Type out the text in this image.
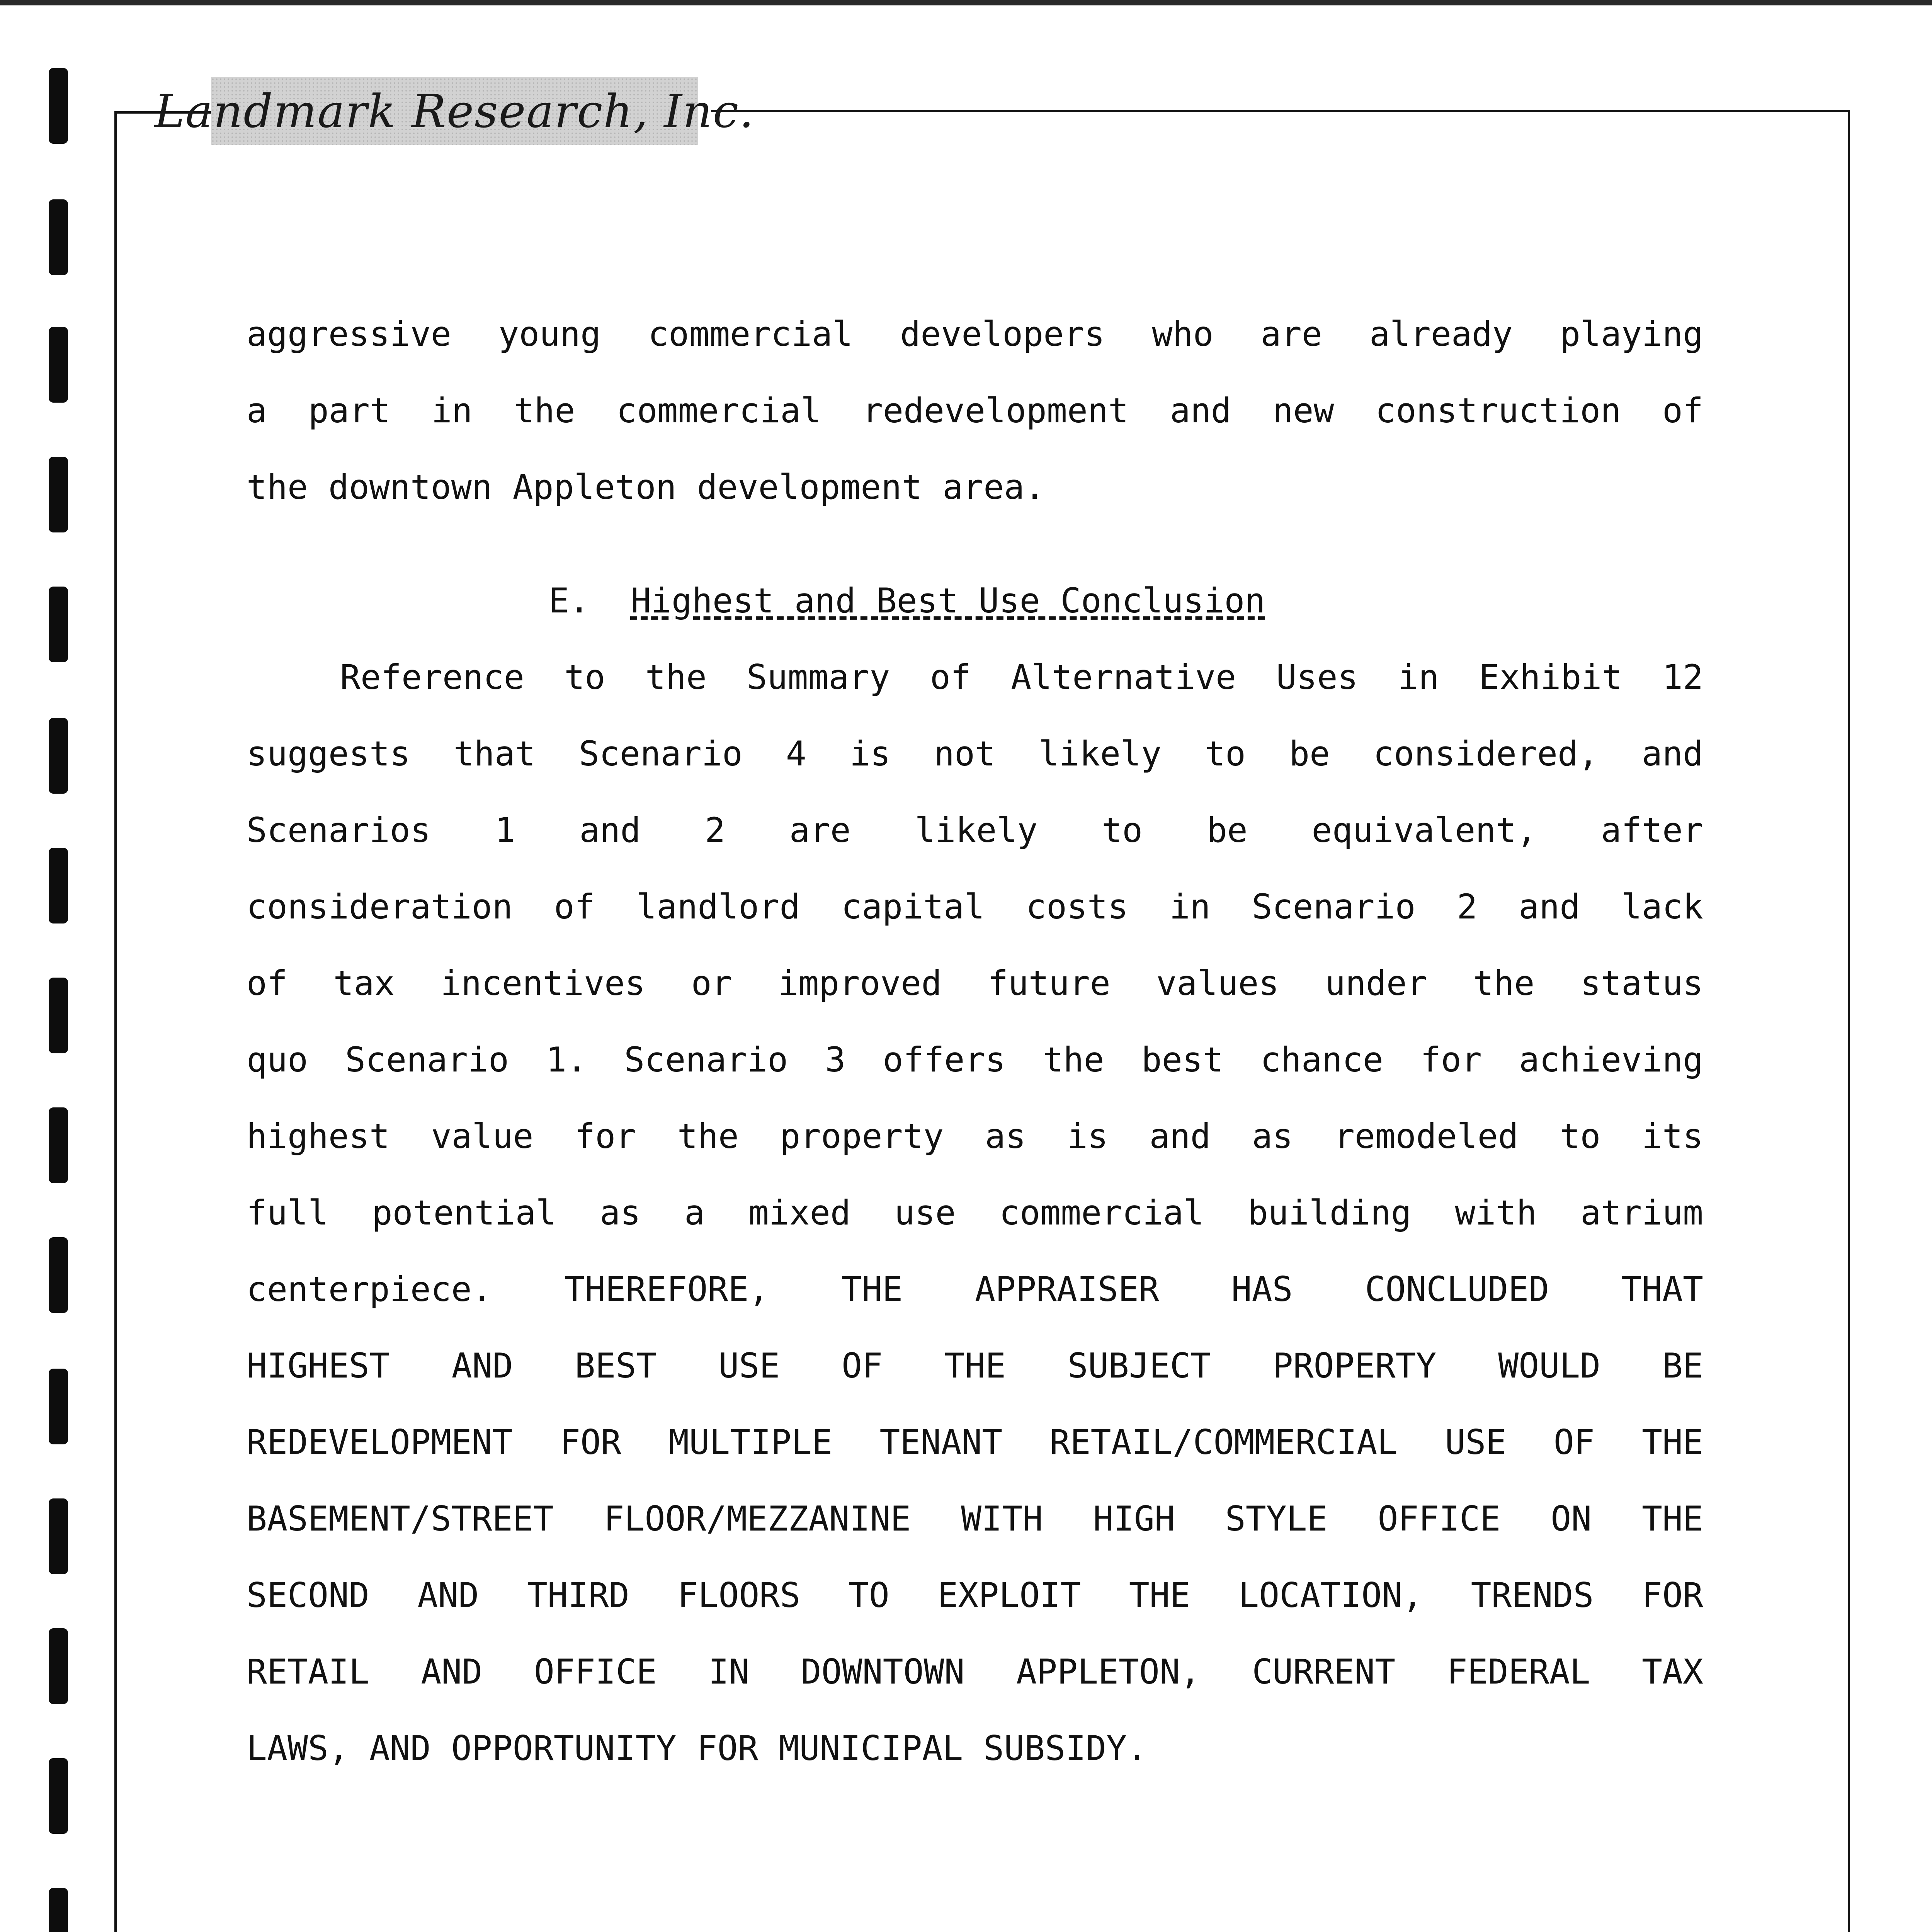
Landmark Research, Inc.
aggressive young commercial developers who are already playing
a part in the commercial redevelopment and new construction of
the downtown Appleton development area.
E. Highest and Best Use Conclusion
Reference to the Summary of Alternative Uses in Exhibit 12
suggests that Scenario 4 is not likely to be considered, and
Scenarios 1 and 2 are likely to be equivalent, after
consideration of landlord capital costs in Scenario 2 and lack
of tax incentives or improved future values under the status
quo Scenario 1. Scenario 3 offers the best chance for achieving
highest value for the property as is and as remodeled to its
full potential as a mixed use commercial building with atrium
centerpiece. THEREFORE, THE APPRAISER HAS CONCLUDED THAT
HIGHEST AND BEST USE OF THE SUBJECT PROPERTY WOULD BE
REDEVELOPMENT FOR MULTIPLE TENANT RETAIL/COMMERCIAL USE OF THE
BASEMENT/STREET FLOOR/MEZZANINE WITH HIGH STYLE OFFICE ON THE
SECOND AND THIRD FLOORS TO EXPLOIT THE LOCATION, TRENDS FOR
RETAIL AND OFFICE IN DOWNTOWN APPLETON, CURRENT FEDERAL TAX
LAWS, AND OPPORTUNITY FOR MUNICIPAL SUBSIDY.
